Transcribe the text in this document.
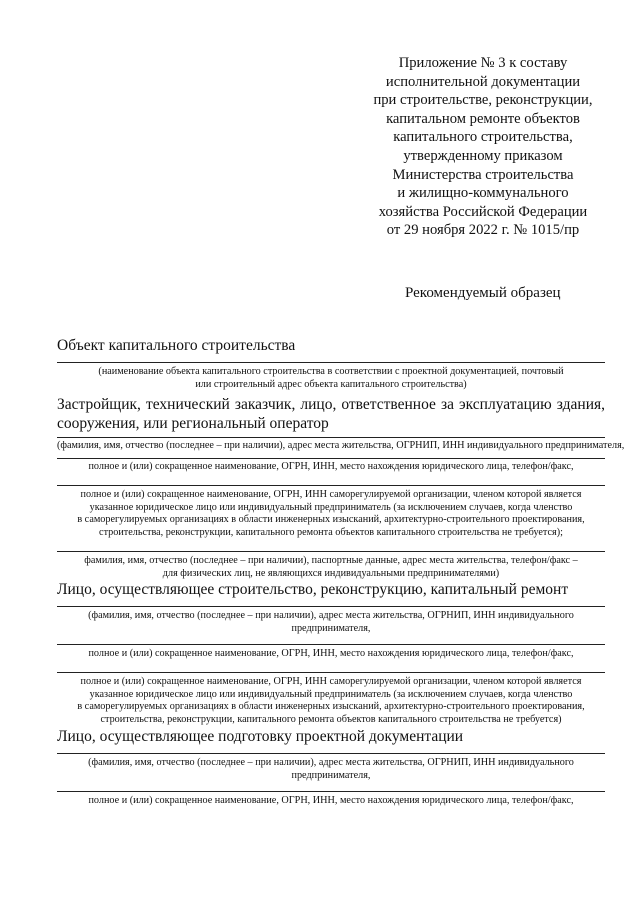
Приложение № 3 к составу
исполнительной документации
при строительстве, реконструкции,
капитальном ремонте объектов
капитального строительства,
утвержденному приказом
Министерства строительства
и жилищно-коммунального
хозяйства Российской Федерации
от 29 ноября 2022 г. № 1015/пр
Рекомендуемый образец
Объект капитального строительства
(наименование объекта капитального строительства в соответствии с проектной документацией, почтовый
или строительный адрес объекта капитального строительства)
Застройщик, технический заказчик, лицо, ответственное за эксплуатацию здания, сооружения, или региональный оператор
(фамилия, имя, отчество (последнее – при наличии), адрес места жительства, ОГРНИП, ИНН индивидуального предпринимателя,
полное и (или) сокращенное наименование, ОГРН, ИНН, место нахождения юридического лица, телефон/факс,
полное и (или) сокращенное наименование, ОГРН, ИНН саморегулируемой организации, членом которой является
указанное юридическое лицо или индивидуальный предприниматель (за исключением случаев, когда членство
в саморегулируемых организациях в области инженерных изысканий, архитектурно-строительного проектирования,
строительства, реконструкции, капитального ремонта объектов капитального строительства не требуется);
фамилия, имя, отчество (последнее – при наличии), паспортные данные, адрес места жительства, телефон/факс –
для физических лиц, не являющихся индивидуальными предпринимателями)
Лицо, осуществляющее строительство, реконструкцию, капитальный ремонт
(фамилия, имя, отчество (последнее – при наличии), адрес места жительства, ОГРНИП, ИНН индивидуального
предпринимателя,
полное и (или) сокращенное наименование, ОГРН, ИНН, место нахождения юридического лица, телефон/факс,
полное и (или) сокращенное наименование, ОГРН, ИНН саморегулируемой организации, членом которой является
указанное юридическое лицо или индивидуальный предприниматель (за исключением случаев, когда членство
в саморегулируемых организациях в области инженерных изысканий, архитектурно-строительного проектирования,
строительства, реконструкции, капитального ремонта объектов капитального строительства не требуется)
Лицо, осуществляющее подготовку проектной документации
(фамилия, имя, отчество (последнее – при наличии), адрес места жительства, ОГРНИП, ИНН индивидуального
предпринимателя,
полное и (или) сокращенное наименование, ОГРН, ИНН, место нахождения юридического лица, телефон/факс,
